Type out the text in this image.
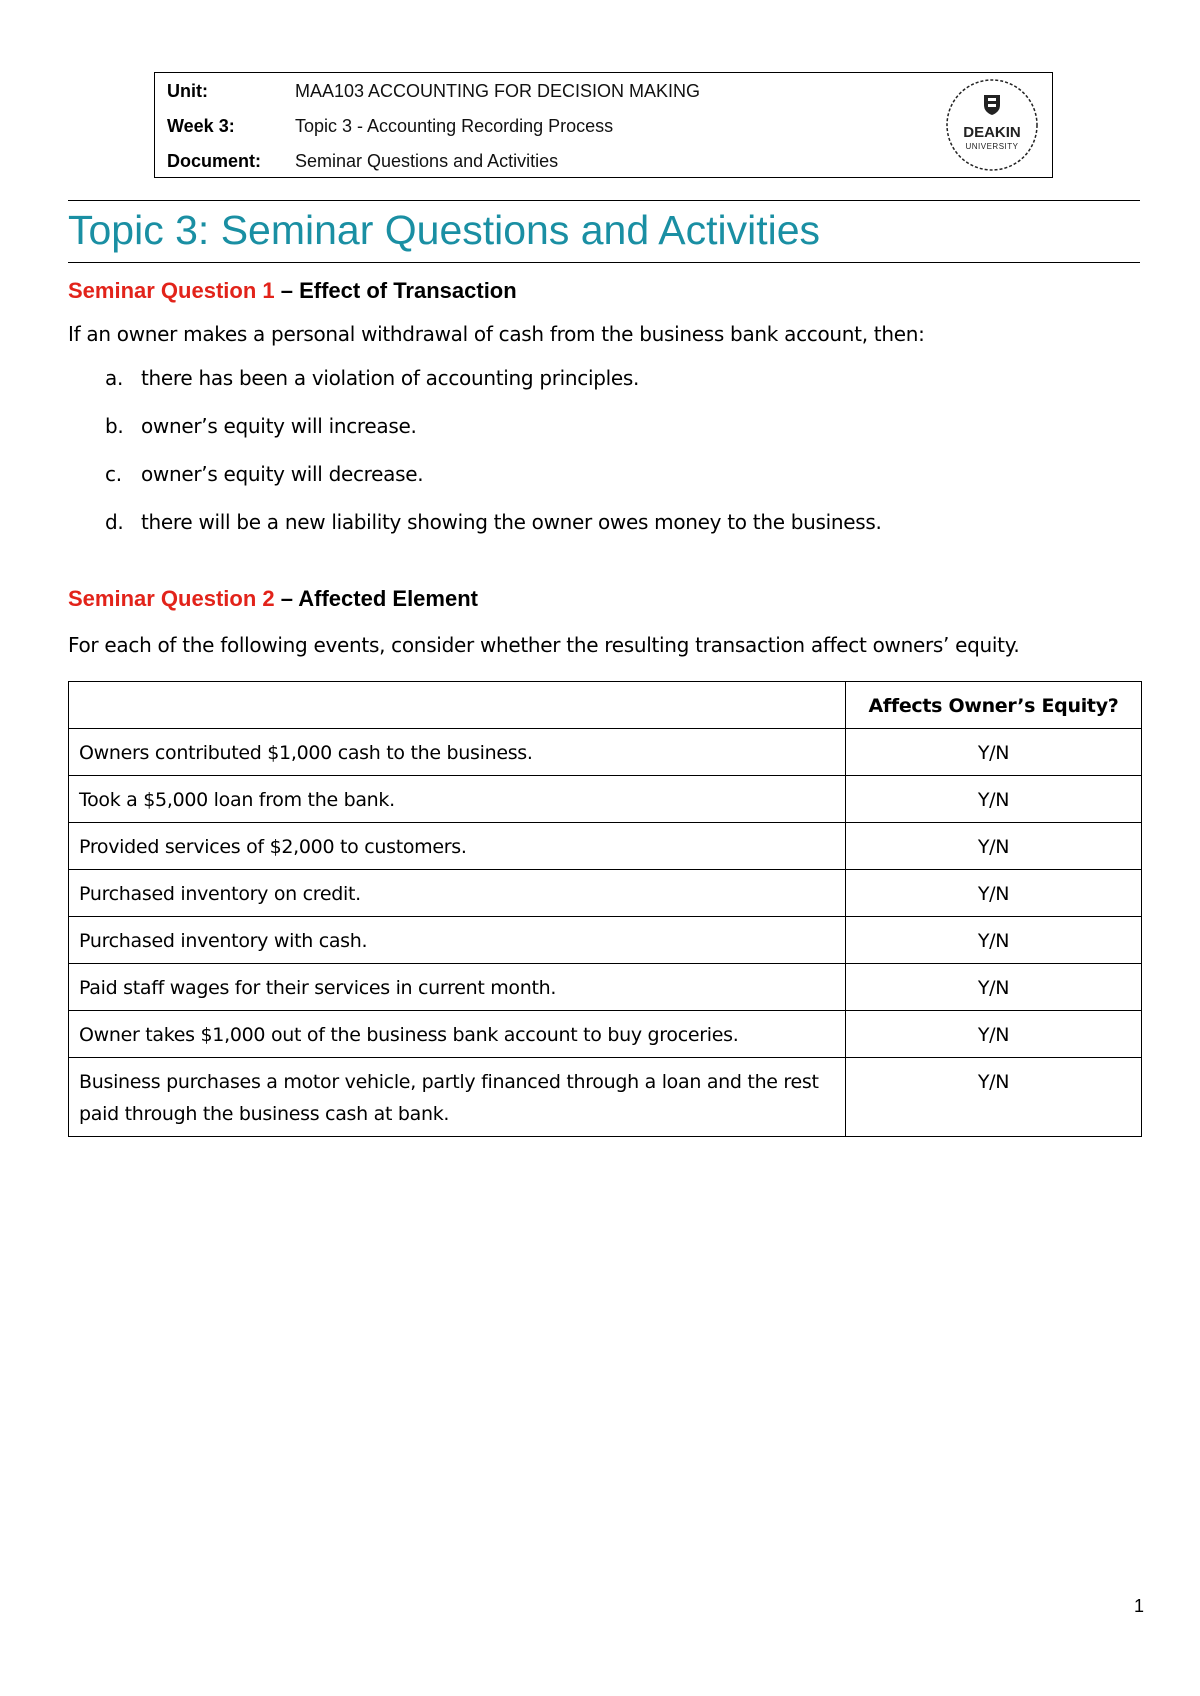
Unit:	MAA103 ACCOUNTING FOR DECISION MAKING
Week 3:	Topic 3 - Accounting Recording Process
Document:	Seminar Questions and Activities
DEAKIN
UNIVERSITY
Topic 3: Seminar Questions and Activities
Seminar Question 1 – Effect of Transaction
If an owner makes a personal withdrawal of cash from the business bank account, then:
a. there has been a violation of accounting principles.
b. owner’s equity will increase.
c. owner’s equity will decrease.
d. there will be a new liability showing the owner owes money to the business.
Seminar Question 2 – Affected Element
For each of the following events, consider whether the resulting transaction affect owners’ equity.
	Affects Owner’s Equity?
Owners contributed $1,000 cash to the business.	Y/N
Took a $5,000 loan from the bank.	Y/N
Provided services of $2,000 to customers.	Y/N
Purchased inventory on credit.	Y/N
Purchased inventory with cash.	Y/N
Paid staff wages for their services in current month.	Y/N
Owner takes $1,000 out of the business bank account to buy groceries.	Y/N
Business purchases a motor vehicle, partly financed through a loan and the rest paid through the business cash at bank.	Y/N
1
